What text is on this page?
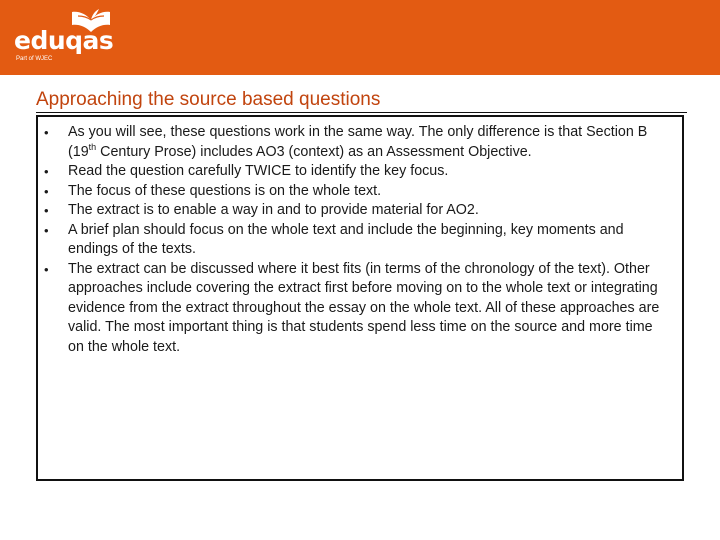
eduqas
Part of WJEC
Approaching the source based questions
•	As you will see, these questions work in the same way. The only difference is that Section B (19th Century Prose) includes AO3 (context) as an Assessment Objective.
•	Read the question carefully TWICE to identify the key focus.
•	The focus of these questions is on the whole text.
•	The extract is to enable a way in and to provide material for AO2.
•	A brief plan should focus on the whole text and include the beginning, key moments and endings of the texts.
•	The extract can be discussed where it best fits (in terms of the chronology of the text). Other approaches include covering the extract first before moving on to the whole text or integrating evidence from the extract throughout the essay on the whole text. All of these approaches are valid. The most important thing is that students spend less time on the source and more time on the whole text.
